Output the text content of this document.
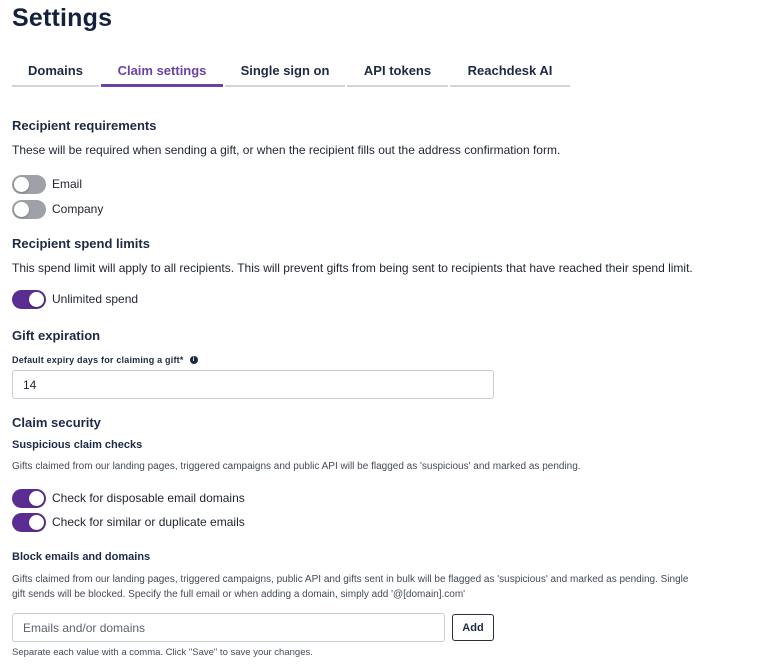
Settings
Domains	Claim settings	Single sign on	API tokens	Reachdesk AI
Recipient requirements
These will be required when sending a gift, or when the recipient fills out the address confirmation form.
Email
Company
Recipient spend limits
This spend limit will apply to all recipients. This will prevent gifts from being sent to recipients that have reached their spend limit.
Unlimited spend
Gift expiration
Default expiry days for claiming a gift*	i
14
Claim security
Suspicious claim checks
Gifts claimed from our landing pages, triggered campaigns and public API will be flagged as 'suspicious' and marked as pending.
Check for disposable email domains
Check for similar or duplicate emails
Block emails and domains
Gifts claimed from our landing pages, triggered campaigns, public API and gifts sent in bulk will be flagged as 'suspicious' and marked as pending. Single
gift sends will be blocked. Specify the full email or when adding a domain, simply add '@[domain].com'
Emails and/or domains
Add
Separate each value with a comma. Click "Save" to save your changes.
